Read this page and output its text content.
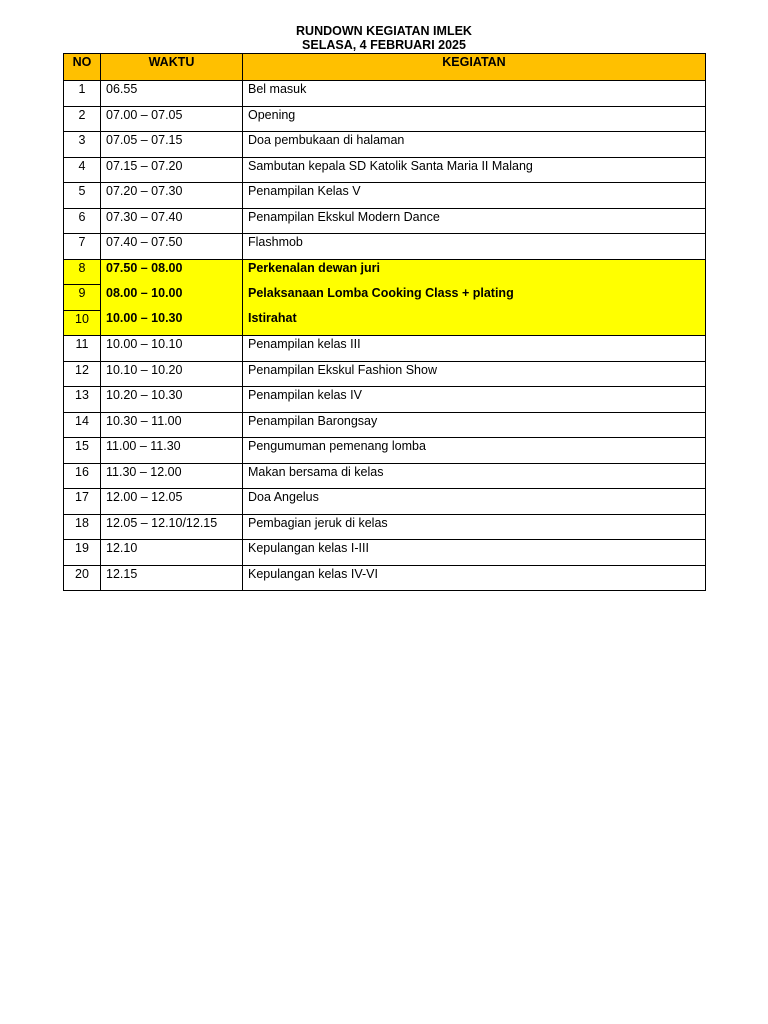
RUNDOWN KEGIATAN IMLEK
SELASA, 4 FEBRUARI 2025
NO	WAKTU	KEGIATAN
1	06.55	Bel masuk
2	07.00 – 07.05	Opening
3	07.05 – 07.15	Doa pembukaan di halaman
4	07.15 – 07.20	Sambutan kepala SD Katolik Santa Maria II Malang
5	07.20 – 07.30	Penampilan Kelas V
6	07.30 – 07.40	Penampilan Ekskul Modern Dance
7	07.40 – 07.50	Flashmob
8	07.50 – 08.00	Perkenalan dewan juri
9	08.00 – 10.00	Pelaksanaan Lomba Cooking Class + plating
10	10.00 – 10.30	Istirahat
11	10.00 – 10.10	Penampilan kelas III
12	10.10 – 10.20	Penampilan Ekskul Fashion Show
13	10.20 – 10.30	Penampilan kelas IV
14	10.30 – 11.00	Penampilan Barongsay
15	11.00 – 11.30	Pengumuman pemenang lomba
16	11.30 – 12.00	Makan bersama di kelas
17	12.00 – 12.05	Doa Angelus
18	12.05 – 12.10/12.15	Pembagian jeruk di kelas
19	12.10	Kepulangan kelas I-III
20	12.15	Kepulangan kelas IV-VI
